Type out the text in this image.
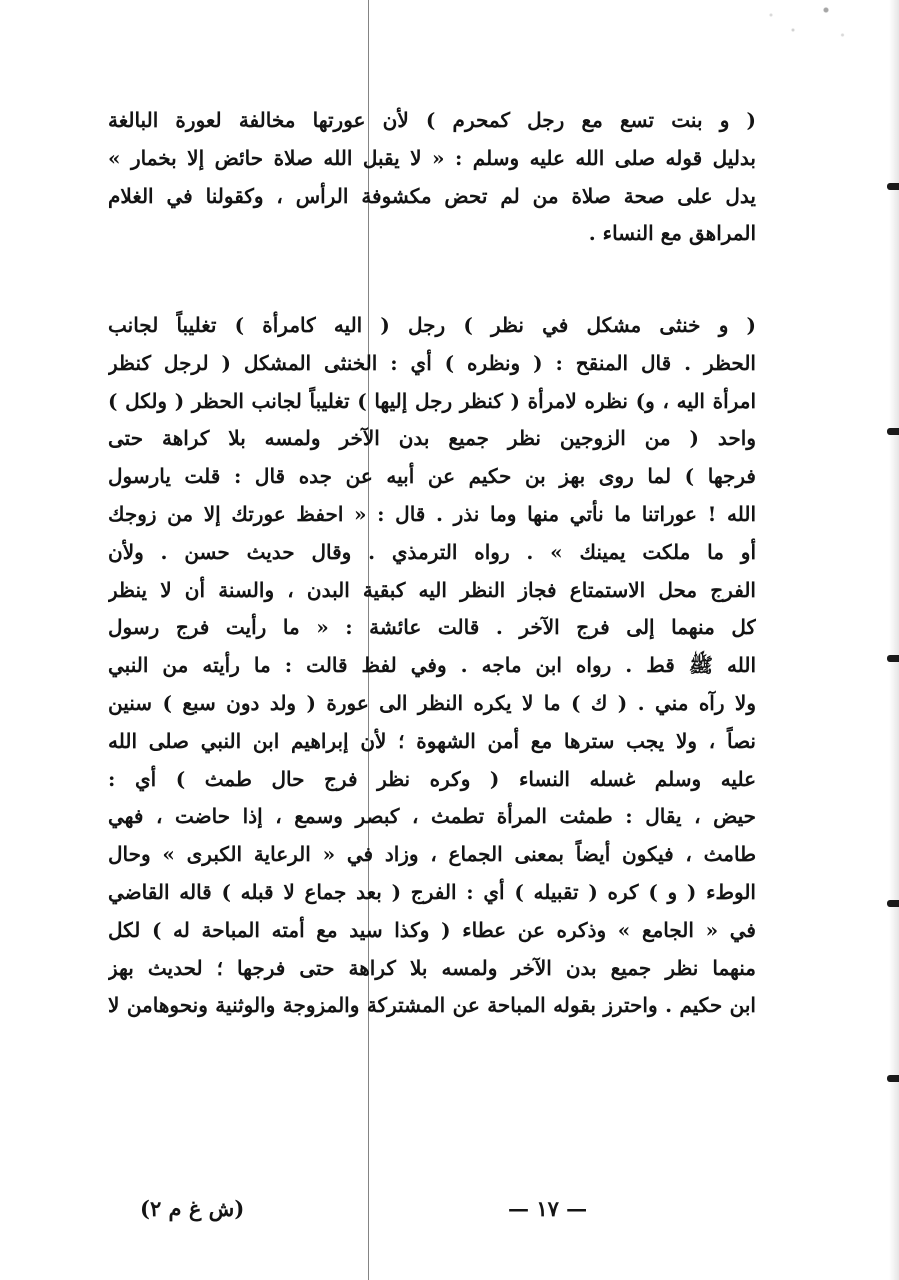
( و بنت تسع مع رجل كمحرم ) لأن عورتها مخالفة لعورة البالغة
بدليل قوله صلى الله عليه وسلم : « لا يقبل الله صلاة حائض إلا بخمار »
يدل على صحة صلاة من لم تحض مكشوفة الرأس ، وكقولنا في الغلام
المراهق مع النساء .
( و خنثى مشكل في نظر ) رجل ( اليه كامرأة ) تغليباً لجانب
الحظر . قال المنقح : ( ونظره ) أي : الخنثى المشكل ( لرجل كنظر
امرأة اليه ، و) نظره لامرأة ( كنظر رجل إليها ) تغليباً لجانب الحظر ( ولكل )
واحد ( من الزوجين نظر جميع بدن الآخر ولمسه بلا كراهة حتى
فرجها ) لما روى بهز بن حكيم عن أبيه عن جده قال : قلت يارسول
الله ! عوراتنا ما نأتي منها وما نذر . قال : « احفظ عورتك إلا من زوجك
أو ما ملكت يمينك » . رواه الترمذي . وقال حديث حسن . ولأن
الفرج محل الاستمتاع فجاز النظر اليه كبقية البدن ، والسنة أن لا ينظر
كل منهما إلى فرج الآخر . قالت عائشة : « ما رأيت فرج رسول
الله ﷺ قط . رواه ابن ماجه . وفي لفظ قالت : ما رأيته من النبي
ولا رآه مني . ( ك ) ما لا يكره النظر الى عورة ( ولد دون سبع ) سنين
نصاً ، ولا يجب سترها مع أمن الشهوة ؛ لأن إبراهيم ابن النبي صلى الله
عليه وسلم غسله النساء ( وكره نظر فرج حال طمث ) أي :
حيض ، يقال : طمثت المرأة تطمث ، كبصر وسمع ، إذا حاضت ، فهي
طامث ، فيكون أيضاً بمعنى الجماع ، وزاد في « الرعاية الكبرى » وحال
الوطء ( و ) كره ( تقبيله ) أي : الفرج ( بعد جماع لا قبله ) قاله القاضي
في « الجامع » وذكره عن عطاء ( وكذا سيد مع أمته المباحة له ) لكل
منهما نظر جميع بدن الآخر ولمسه بلا كراهة حتى فرجها ؛ لحديث بهز
ابن حكيم . واحترز بقوله المباحة عن المشتركة والمزوجة والوثنية ونحوهامن لا
— ١٧ —
(ش غ م ٢)
